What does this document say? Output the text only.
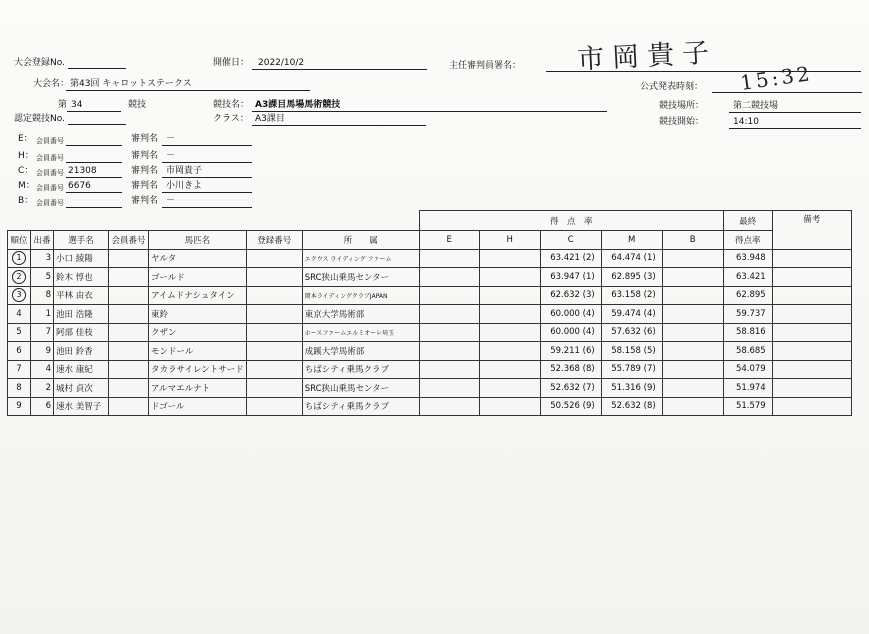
大会登録No.	開催日： 2022/10/2	主任審判員署名： 市岡貴子
大会名： 第43回 キャロットステークス	公式発表時刻： 15:32
第 34	競技	競技名： A3課目馬場馬術競技	競技場所：	第二競技場
認定競技No.	クラス： A3課目	競技開始：	14:10
E： 会員番号	審判名 －
H： 会員番号	審判名 －
C： 会員番号 21308	審判名 市岡貴子
M： 会員番号 6676	審判名 小川きよ
B： 会員番号	審判名 －
							得　点　率					最終	備考
順位	出番	選手名	会員番号	馬匹名	登録番号	所　　属	E	H	C	M	B	得点率	
1	3	小口 綾陽		ヤルタ		エクウス ライディング ファーム			63.421 (2)	64.474 (1)		63.948	
2	5	鈴木 惇也		ゴールド		SRC狭山乗馬センター			63.947 (1)	62.895 (3)		63.421	
3	8	平林 由衣		アイムドナシュタイン		岡本ライディングクラブJAPAN			62.632 (3)	63.158 (2)		62.895	
4	1	池田 浩隆		東鈴		東京大学馬術部			60.000 (4)	59.474 (4)		59.737	
5	7	阿部 佳枝		クザン		ホースファームエルミオーレ埼玉			60.000 (4)	57.632 (6)		58.816	
6	9	池田 鈴香		モンドール		成蹊大学馬術部			59.211 (6)	58.158 (5)		58.685	
7	4	速水 康紀		タカラサイレントサード		ちばシティ乗馬クラブ			52.368 (8)	55.789 (7)		54.079	
8	2	城村 貞次		アルマエルナト		SRC狭山乗馬センター			52.632 (7)	51.316 (9)		51.974	
9	6	速水 美智子		ドゴール		ちばシティ乗馬クラブ			50.526 (9)	52.632 (8)		51.579	
